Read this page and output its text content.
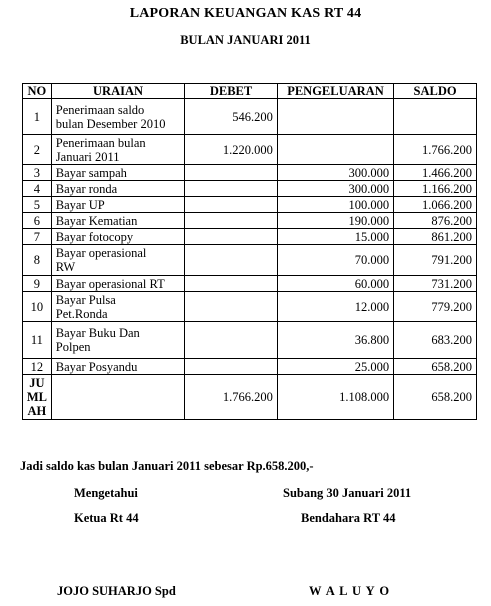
LAPORAN KEUANGAN KAS RT 44
BULAN JANUARI 2011
NO	URAIAN	DEBET	PENGELUARAN	SALDO
1	Penerimaan saldo
bulan Desember 2010	546.200		
2	Penerimaan bulan
Januari 2011	1.220.000		1.766.200
3	Bayar sampah		300.000	1.466.200
4	Bayar ronda		300.000	1.166.200
5	Bayar UP		100.000	1.066.200
6	Bayar Kematian		190.000	876.200
7	Bayar fotocopy		15.000	861.200
8	Bayar operasional
RW		70.000	791.200
9	Bayar operasional RT		60.000	731.200
10	Bayar Pulsa
Pet.Ronda		12.000	779.200
11	Bayar Buku Dan
Polpen		36.800	683.200
12	Bayar Posyandu		25.000	658.200

JU
ML
AH		1.766.200	1.108.000	658.200
Jadi saldo kas bulan Januari 2011 sebesar Rp.658.200,-
Mengetahui	Subang 30 Januari 2011
Ketua Rt 44	Bendahara RT 44
JOJO SUHARJO Spd	W A L U Y O
